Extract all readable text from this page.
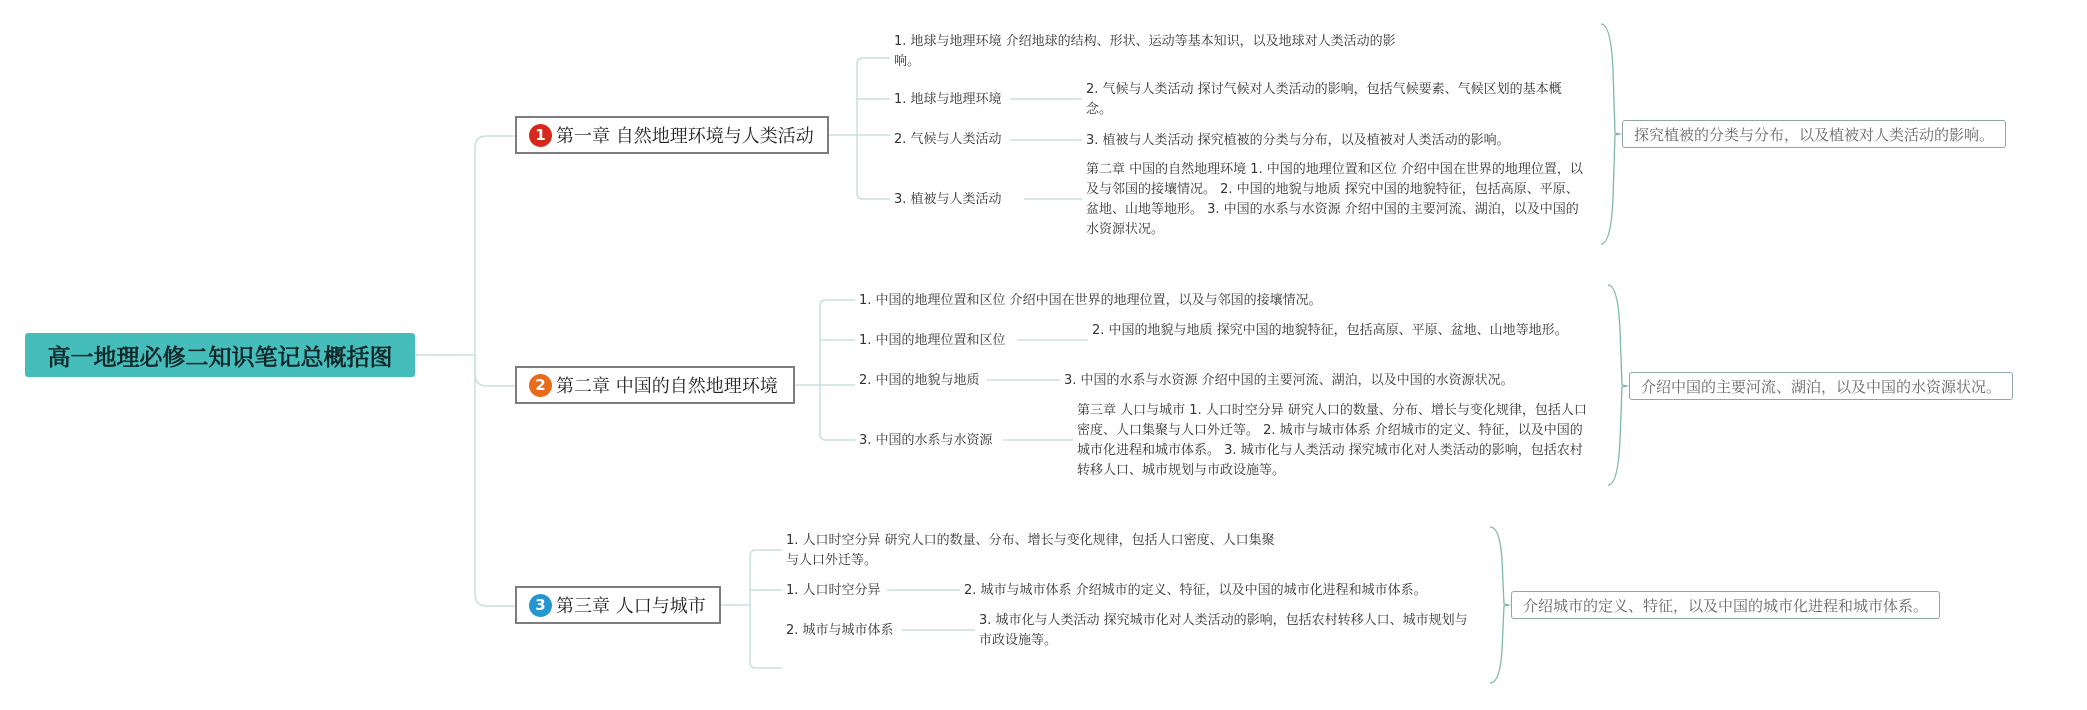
高一地理必修二知识笔记总概括图
1 第一章 自然地理环境与人类活动
1. 地球与地理环境 介绍地球的结构、形状、运动等基本知识，以及地球对人类活动的影响。
1. 地球与地理环境
2. 气候与人类活动
3. 植被与人类活动
2. 气候与人类活动 探讨气候对人类活动的影响，包括气候要素、气候区划的基本概念。
3. 植被与人类活动 探究植被的分类与分布，以及植被对人类活动的影响。
第二章 中国的自然地理环境 1. 中国的地理位置和区位 介绍中国在世界的地理位置，以及与邻国的接壤情况。 2. 中国的地貌与地质 探究中国的地貌特征，包括高原、平原、盆地、山地等地形。 3. 中国的水系与水资源 介绍中国的主要河流、湖泊，以及中国的水资源状况。
探究植被的分类与分布，以及植被对人类活动的影响。
2 第二章 中国的自然地理环境
1. 中国的地理位置和区位 介绍中国在世界的地理位置，以及与邻国的接壤情况。
1. 中国的地理位置和区位
2. 中国的地貌与地质
3. 中国的水系与水资源
2. 中国的地貌与地质 探究中国的地貌特征，包括高原、平原、盆地、山地等地形。
3. 中国的水系与水资源 介绍中国的主要河流、湖泊，以及中国的水资源状况。
第三章 人口与城市 1. 人口时空分异 研究人口的数量、分布、增长与变化规律，包括人口密度、人口集聚与人口外迁等。 2. 城市与城市体系 介绍城市的定义、特征，以及中国的城市化进程和城市体系。 3. 城市化与人类活动 探究城市化对人类活动的影响，包括农村转移人口、城市规划与市政设施等。
介绍中国的主要河流、湖泊，以及中国的水资源状况。
3 第三章 人口与城市
1. 人口时空分异 研究人口的数量、分布、增长与变化规律，包括人口密度、人口集聚与人口外迁等。
1. 人口时空分异
2. 城市与城市体系
2. 城市与城市体系 介绍城市的定义、特征，以及中国的城市化进程和城市体系。
3. 城市化与人类活动 探究城市化对人类活动的影响，包括农村转移人口、城市规划与市政设施等。
介绍城市的定义、特征，以及中国的城市化进程和城市体系。
